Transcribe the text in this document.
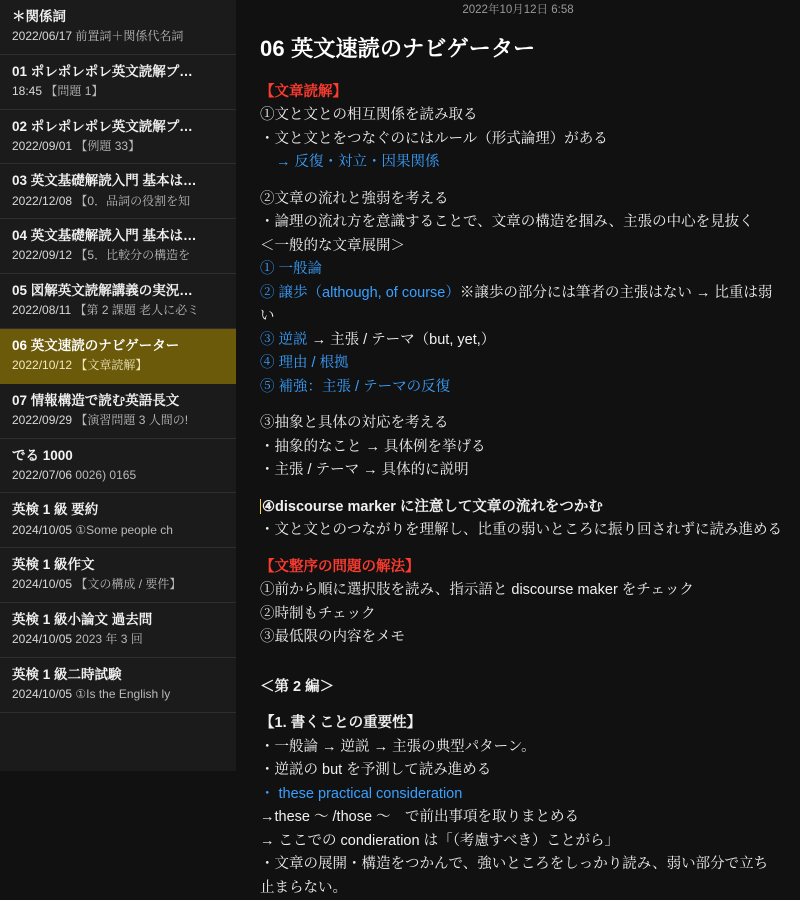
＊関係詞
2022/06/17 前置詞＋関係代名詞
01 ポレポレポレ英文読解プ…
18:45 【問題 1】
02 ポレポレポレ英文読解プ…
2022/09/01 【例題 33】
03 英文基礎解読入門 基本は…
2022/12/08 【0．品詞の役割を知
04 英文基礎解読入門 基本は…
2022/09/12 【5．比較分の構造を
05 図解英文読解講義の実況…
2022/08/11 【第 2 課題 老人に必ミ
06 英文速読のナビゲーター
2022/10/12 【文章読解】
07 情報構造で読む英語長文
2022/09/29 【演習問題 3 人間の!
でる 1000
2022/07/06 0026) 0165
英検 1 級 要約
2024/10/05 ①Some people ch
英検 1 級作文
2024/10/05 【文の構成 / 要件】
英検 1 級小論文 過去問
2024/10/05 2023 年 3 回
英検 1 級二時試験
2024/10/05 ①Is the English ly
2022年10月12日 6:58
06 英文速読のナビゲーター
【文章読解】
①文と文との相互関係を読み取る
・文と文とをつなぐのにはルール（形式論理）がある
→ 反復・対立・因果関係
②文章の流れと強弱を考える
・論理の流れ方を意識することで、文章の構造を掴み、主張の中心を見抜く
＜一般的な文章展開＞
① 一般論
② 譲歩（although, of course）※譲歩の部分には筆者の主張はない → 比重は弱い
③ 逆説 → 主張 / テーマ（but, yet,）
④ 理由 / 根拠
⑤ 補強：主張 / テーマの反復
③抽象と具体の対応を考える
・抽象的なこと → 具体例を挙げる
・主張 / テーマ → 具体的に説明
④discourse marker に注意して文章の流れをつかむ
・文と文とのつながりを理解し、比重の弱いところに振り回されずに読み進める
【文整序の問題の解法】
①前から順に選択肢を読み、指示語と discourse maker をチェック
②時制もチェック
③最低限の内容をメモ
＜第 2 編＞
【1. 書くことの重要性】
・一般論 → 逆説 → 主張の典型パターン。
・逆説の but を予測して読み進める
・ these practical consideration
→these 〜 /those 〜　で前出事項を取りまとめる
→ ここでの condieration は「（考慮すべき）ことがら」
・文章の展開・構造をつかんで、強いところをしっかり読み、弱い部分で立ち止まらない。
